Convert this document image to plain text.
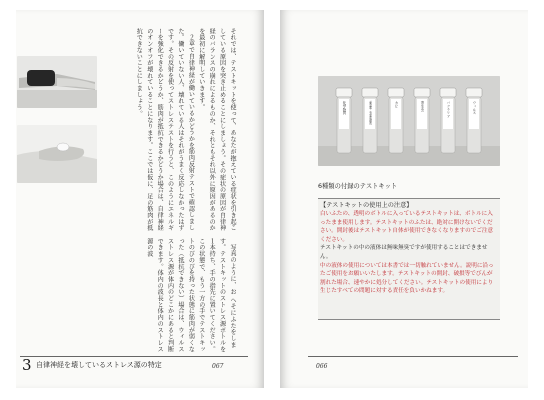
それでは、テストキットを使って、あなたが抱えている症状を引き起こしている原因を突き止めることにしましょう。その症状の原因が自律神経のバランスの崩れによるものか、それともそれ以外に原因があるのかを最初に解明していきます。

２章で自律神経が働いているかどうかを筋肉反射テストで確認しました。働いていない人、壊れている人はそれがうまく反応しなかったはずです。その反射を使ってストレステストを行うと、このようにエネルギーを強化できるかどうか、筋肉が抵抗できるかどうか場合は、自律神経のオンオフが壊れていることになります。ここでは仮に、足の筋肉が抵抗できないことにしましょう。

写真のように、お へそにふたをします。テストキットのストレス源ボトルを１本持ち、手の指先に置いてください。この状態で、もう一方の手でテストキットのびのびを持った状態に筋肉が弱くなった（抵抗できない）場合は、ウィルスストレス源が体内のどこかにあると判断できます。体内の波長と体内のストレス源の波

3 自律神経を壊しているストレス源の特定	067
化学物質	重金属・有害電磁波	カビ	寄生虫	バクテリア	ウィルス
6種類の付録のテストキット

【テストキットの使用上の注意】

白いふたの、透明のボトルに入っているテストキットは、ボトルに入ったまま使用します。テストキットのふたは、絶対に開けないでください。開封後はテストキット自体が使用できなくなりますのでご注意ください。

テストキットの中の液体は無味無臭ですが使用することはできません。

中の液体の使用については本書では一切触れていません。説明に沿ったご使用をお願いいたします。テストキットの開封、破損等でびんが割れた場合、速やかに処分してください。テストキットの使用により生じたすべての問題に対する責任を負いかねます。

066
